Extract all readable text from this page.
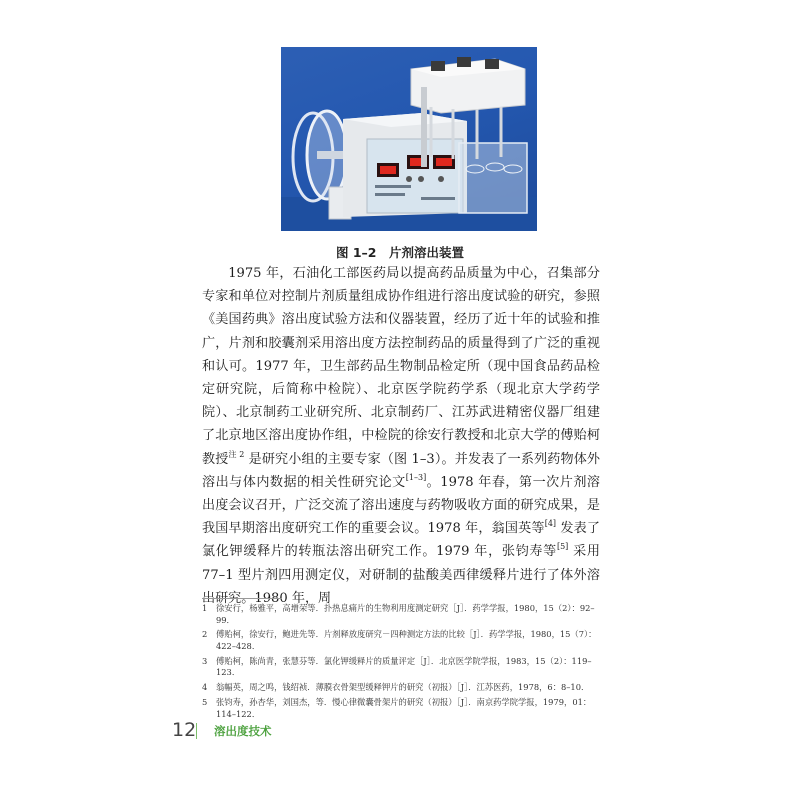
图 1–2　片剂溶出装置

1975 年，石油化工部医药局以提高药品质量为中心，召集部分专家和单位对控制片剂质量组成协作组进行溶出度试验的研究，参照《美国药典》溶出度试验方法和仪器装置，经历了近十年的试验和推广，片剂和胶囊剂采用溶出度方法控制药品的质量得到了广泛的重视和认可。1977 年，卫生部药品生物制品检定所（现中国食品药品检定研究院，后简称中检院）、北京医学院药学系（现北京大学药学院）、北京制药工业研究所、北京制药厂、江苏武进精密仪器厂组建了北京地区溶出度协作组，中检院的徐安行教授和北京大学的傅贻柯教授$^{注 2}$ 是研究小组的主要专家（图 1–3）。并发表了一系列药物体外溶出与体内数据的相关性研究论文[1–3]。1978 年春，第一次片剂溶出度会议召开，广泛交流了溶出速度与药物吸收方面的研究成果，是我国早期溶出度研究工作的重要会议。1978 年，翁国英等[4] 发表了氯化钾缓释片的转瓶法溶出研究工作。1979 年，张钧寿等[5] 采用 77–1 型片剂四用测定仪，对研制的盐酸美西律缓释片进行了体外溶出研究。1980 年，周

1	徐安行，杨雅平，高增荣等．扑热息痛片的生物利用度测定研究［J］．药学学报，1980，15（2）：92–99．
2	傅贻柯，徐安行，鲍进先等．片剂释放度研究－四种测定方法的比较［J］．药学学报，1980，15（7）：422–428．
3	傅贻柯，陈尚青，张慧芬等．氯化钾缓释片的质量评定［J］．北京医学院学报，1983，15（2）：119–123．
4	翁幅英，周之鸣，钱绍祯．薄膜衣骨架型缓释钾片的研究（初报）［J］．江苏医药，1978，6：8–10．
5	张钧寿，孙杏华，刘国杰，等．慢心律微囊骨架片的研究（初报）［J］．南京药学院学报，1979，01：114–122．
12 溶出度技术
